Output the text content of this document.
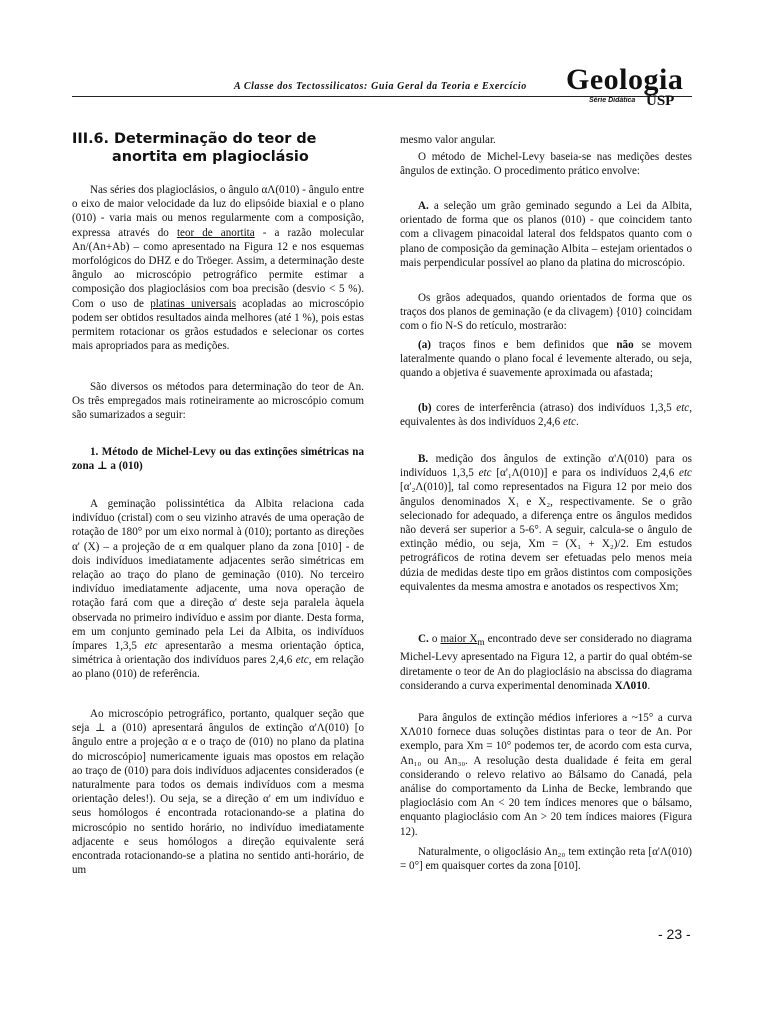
A Classe dos Tectossilicatos: Guia Geral da Teoria e Exercício Geologia
Série Didática USP
III.6. Determinação do teor de
anortita em plagioclásio

Nas séries dos plagioclásios, o ângulo αΛ(010) - ângulo entre o eixo de maior velocidade da luz do elipsóide biaxial e o plano (010) - varia mais ou menos regularmente com a composição, expressa através do teor de anortita - a razão molecular An/(An+Ab) – como apresentado na Figura 12 e nos esquemas morfológicos do DHZ e do Tröeger. Assim, a determinação deste ângulo ao microscópio petrográfico permite estimar a composição dos plagioclásios com boa precisão (desvio < 5 %). Com o uso de platinas universais acopladas ao microscópio podem ser obtidos resultados ainda melhores (até 1 %), pois estas permitem rotacionar os grãos estudados e selecionar os cortes mais apropriados para as medições.

São diversos os métodos para determinação do teor de An. Os três empregados mais rotineiramente ao microscópio comum são sumarizados a seguir:

1. Método de Michel-Levy ou das extinções simétricas na zona ⊥ a (010)

A geminação polissintética da Albita relaciona cada indivíduo (cristal) com o seu vizinho através de uma operação de rotação de 180° por um eixo normal à (010); portanto as direções α' (X) – a projeção de α em qualquer plano da zona [010] - de dois indivíduos imediatamente adjacentes serão simétricas em relação ao traço do plano de geminação (010). No terceiro indivíduo imediatamente adjacente, uma nova operação de rotação fará com que a direção α' deste seja paralela àquela observada no primeiro indivíduo e assim por diante. Desta forma, em um conjunto geminado pela Lei da Albita, os indivíduos ímpares 1,3,5 etc apresentarão a mesma orientação óptica, simétrica à orientação dos indivíduos pares 2,4,6 etc, em relação ao plano (010) de referência.

Ao microscópio petrográfico, portanto, qualquer seção que seja ⊥ a (010) apresentará ângulos de extinção α'Λ(010) [o ângulo entre a projeção α e o traço de (010) no plano da platina do microscópio] numericamente iguais mas opostos em relação ao traço de (010) para dois indivíduos adjacentes considerados (e naturalmente para todos os demais indivíduos com a mesma orientação deles!). Ou seja, se a direção α' em um indivíduo e seus homólogos é encontrada rotacionando-se a platina do microscópio no sentido horário, no indivíduo imediatamente adjacente e seus homólogos a direção equivalente será encontrada rotacionando-se a platina no sentido anti-horário, de um

mesmo valor angular.

O método de Michel-Levy baseia-se nas medições destes ângulos de extinção. O procedimento prático envolve:

A. a seleção um grão geminado segundo a Lei da Albita, orientado de forma que os planos (010) - que coincidem tanto com a clivagem pinacoidal lateral dos feldspatos quanto com o plano de composição da geminação Albita – estejam orientados o mais perpendicular possível ao plano da platina do microscópio.

Os grãos adequados, quando orientados de forma que os traços dos planos de geminação (e da clivagem) {010} coincidam com o fio N-S do retículo, mostrarão:

(a) traços finos e bem definidos que não se movem lateralmente quando o plano focal é levemente alterado, ou seja, quando a objetiva é suavemente aproximada ou afastada;

(b) cores de interferência (atraso) dos indivíduos 1,3,5 etc, equivalentes às dos indivíduos 2,4,6 etc.

B. medição dos ângulos de extinção α'Λ(010) para os indivíduos 1,3,5 etc [α'₁Λ(010)] e para os indivíduos 2,4,6 etc [α'₂Λ(010)], tal como representados na Figura 12 por meio dos ângulos denominados X₁ e X₂, respectivamente. Se o grão selecionado for adequado, a diferença entre os ângulos medidos não deverá ser superior a 5-6°. A seguir, calcula-se o ângulo de extinção médio, ou seja, Xm = (X₁ + X₂)/2. Em estudos petrográficos de rotina devem ser efetuadas pelo menos meia dúzia de medidas deste tipo em grãos distintos com composições equivalentes da mesma amostra e anotados os respectivos Xm;

C. o maior $X_m$ encontrado deve ser considerado no diagrama Michel-Levy apresentado na Figura 12, a partir do qual obtém-se diretamente o teor de An do plagioclásio na abscissa do diagrama considerando a curva experimental denominada XΛ010.

Para ângulos de extinção médios inferiores a ~15° a curva XΛ010 fornece duas soluções distintas para o teor de An. Por exemplo, para Xm = 10° podemos ter, de acordo com esta curva, An₁₀ ou An₃₀. A resolução desta dualidade é feita em geral considerando o relevo relativo ao Bálsamo do Canadá, pela análise do comportamento da Linha de Becke, lembrando que plagioclásio com An < 20 tem índices menores que o bálsamo, enquanto plagioclásio com An > 20 tem índices maiores (Figura 12).

Naturalmente, o oligoclásio An₂₀ tem extinção reta [α'Λ(010) = 0°] em quaisquer cortes da zona [010].

- 23 -
